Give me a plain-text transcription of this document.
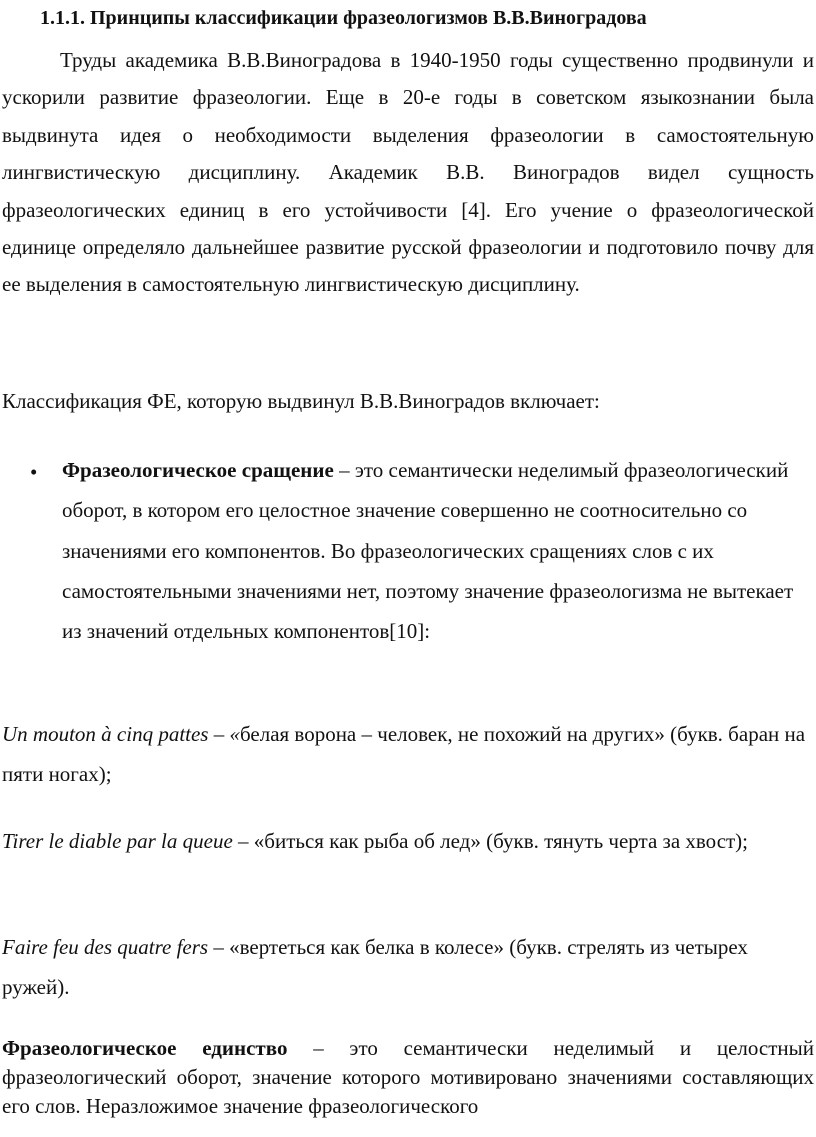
1.1.1. Принципы классификации фразеологизмов В.В.Виноградова
Труды академика В.В.Виноградова в 1940-1950 годы существенно продвинули и ускорили развитие фразеологии. Еще в 20-е годы в советском языкознании была выдвинута идея о необходимости выделения фразеологии в самостоятельную лингвистическую дисциплину. Академик В.В. Виноградов видел сущность фразеологических единиц в его устойчивости [4]. Его учение о фразеологической единице определяло дальнейшее развитие русской фразеологии и подготовило почву для ее выделения в самостоятельную лингвистическую дисциплину.
Классификация ФЕ, которую выдвинул В.В.Виноградов включает:
• Фразеологическое сращение – это семантически неделимый фразеологический оборот, в котором его целостное значение совершенно не соотносительно со значениями его компонентов. Во фразеологических сращениях слов с их самостоятельными значениями нет, поэтому значение фразеологизма не вытекает из значений отдельных компонентов[10]:
Un mouton à cinq pattes – «белая ворона – человек, не похожий на других» (букв. баран на пяти ногах);
Tirer le diable par la queue – «биться как рыба об лед» (букв. тянуть черта за хвост);
Faire feu des quatre fers – «вертеться как белка в колесе» (букв. стрелять из четырех ружей).
Фразеологическое единство – это семантически неделимый и целостный фразеологический оборот, значение которого мотивировано значениями составляющих его слов. Неразложимое значение фразеологического
